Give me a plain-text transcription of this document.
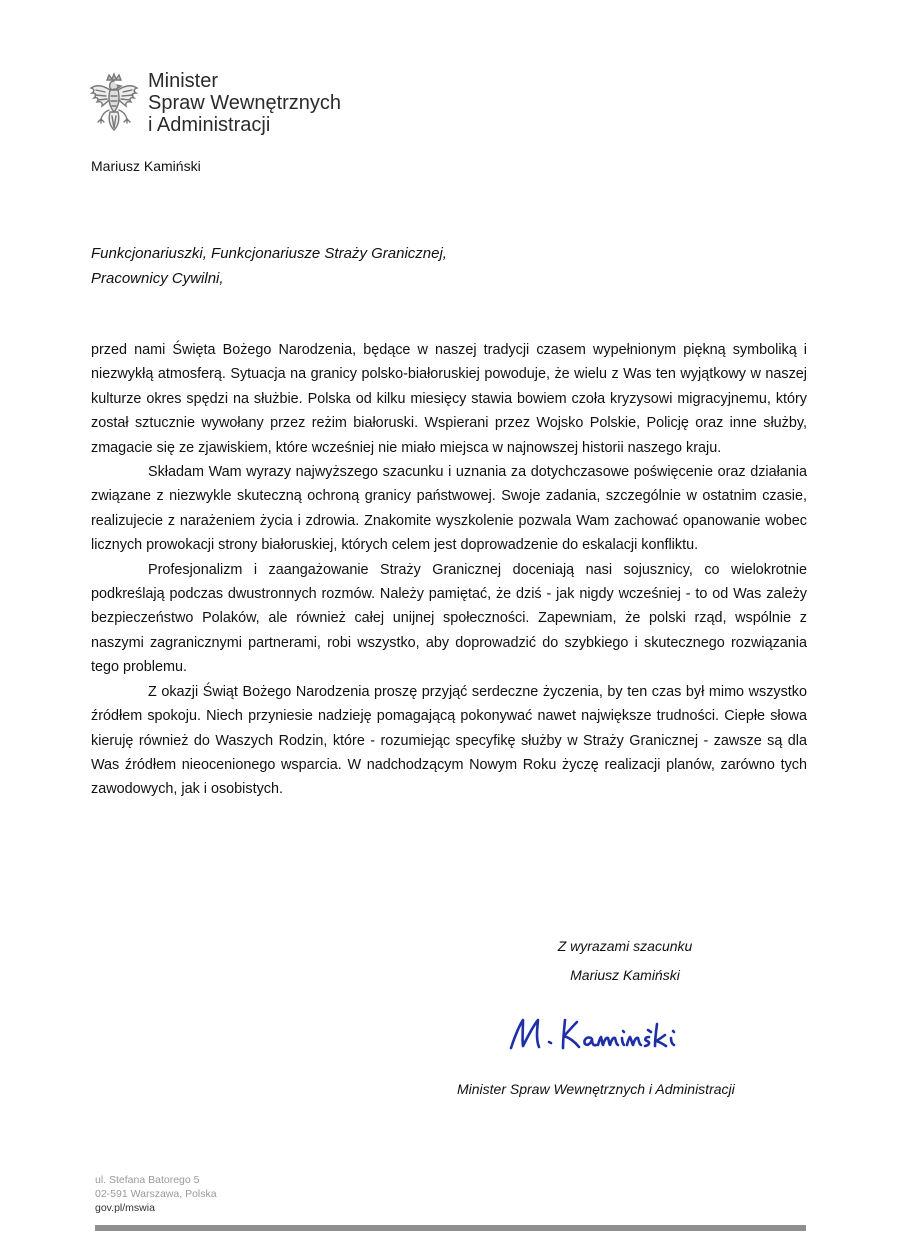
Minister
Spraw Wewnętrznych
i Administracji
Mariusz Kamiński
Funkcjonariuszki, Funkcjonariusze Straży Granicznej,
Pracownicy Cywilni,

przed nami Święta Bożego Narodzenia, będące w naszej tradycji czasem wypełnionym piękną symboliką i niezwykłą atmosferą. Sytuacja na granicy polsko-białoruskiej powoduje, że wielu z Was ten wyjątkowy w naszej kulturze okres spędzi na służbie. Polska od kilku miesięcy stawia bowiem czoła kryzysowi migracyjnemu, który został sztucznie wywołany przez reżim białoruski. Wspierani przez Wojsko Polskie, Policję oraz inne służby, zmagacie się ze zjawiskiem, które wcześniej nie miało miejsca w najnowszej historii naszego kraju.

Składam Wam wyrazy najwyższego szacunku i uznania za dotychczasowe poświęcenie oraz działania związane z niezwykle skuteczną ochroną granicy państwowej. Swoje zadania, szczególnie w ostatnim czasie, realizujecie z narażeniem życia i zdrowia. Znakomite wyszkolenie pozwala Wam zachować opanowanie wobec licznych prowokacji strony białoruskiej, których celem jest doprowadzenie do eskalacji konfliktu.

Profesjonalizm i zaangażowanie Straży Granicznej doceniają nasi sojusznicy, co wielokrotnie podkreślają podczas dwustronnych rozmów. Należy pamiętać, że dziś - jak nigdy wcześniej - to od Was zależy bezpieczeństwo Polaków, ale również całej unijnej społeczności. Zapewniam, że polski rząd, wspólnie z naszymi zagranicznymi partnerami, robi wszystko, aby doprowadzić do szybkiego i skutecznego rozwiązania tego problemu.

Z okazji Świąt Bożego Narodzenia proszę przyjąć serdeczne życzenia, by ten czas był mimo wszystko źródłem spokoju. Niech przyniesie nadzieję pomagającą pokonywać nawet największe trudności. Ciepłe słowa kieruję również do Waszych Rodzin, które - rozumiejąc specyfikę służby w Straży Granicznej - zawsze są dla Was źródłem nieocenionego wsparcia. W nadchodzącym Nowym Roku życzę realizacji planów, zarówno tych zawodowych, jak i osobistych.

Z wyrazami szacunku
Mariusz Kamiński
Minister Spraw Wewnętrznych i Administracji
ul. Stefana Batorego 5
02-591 Warszawa, Polska
gov.pl/mswia
